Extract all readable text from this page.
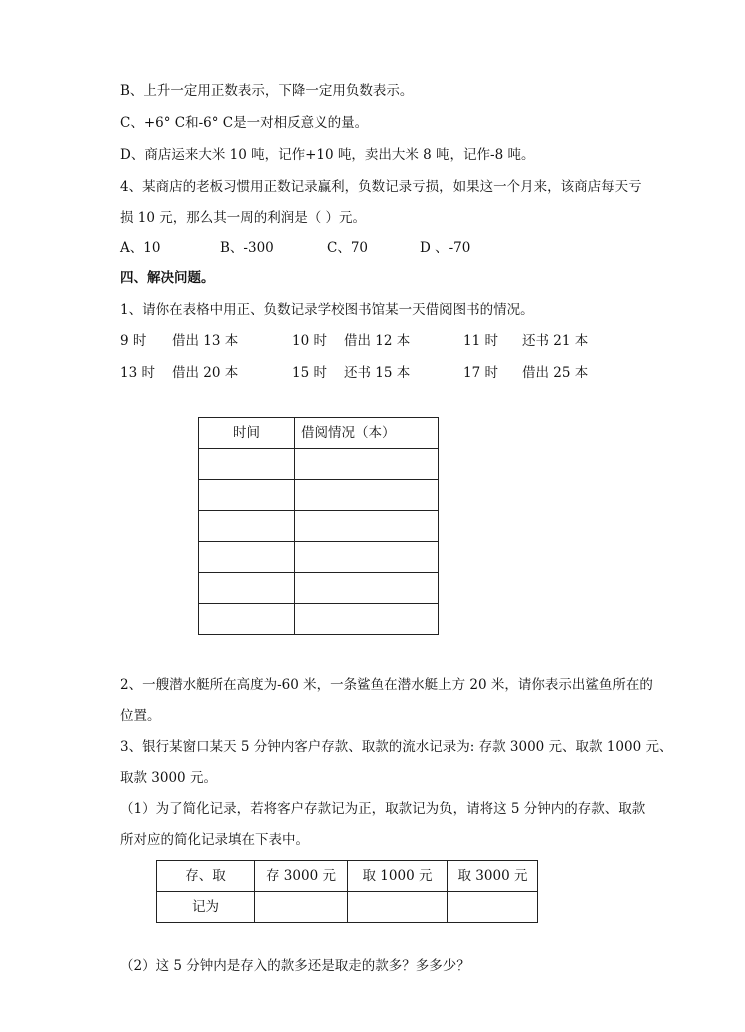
B、上升一定用正数表示，下降一定用负数表示。
C、+6° C和-6° C是一对相反意义的量。
D、商店运来大米 10 吨，记作+10 吨，卖出大米 8 吨，记作-8 吨。
4、某商店的老板习惯用正数记录赢利，负数记录亏损，如果这一个月来，该商店每天亏
损 10 元，那么其一周的利润是（ ）元。
A、10	B、-300	C、70	D 、-70
四、解决问题。
1、请你在表格中用正、负数记录学校图书馆某一天借阅图书的情况。
9 时 借出 13 本	10 时 借出 12 本	11 时 还书 21 本
13 时 借出 20 本	15 时 还书 15 本	17 时 借出 25 本
时间	借阅情况（本）

2、一艘潜水艇所在高度为-60 米，一条鲨鱼在潜水艇上方 20 米，请你表示出鲨鱼所在的
位置。
3、银行某窗口某天 5 分钟内客户存款、取款的流水记录为: 存款 3000 元、取款 1000 元、
取款 3000 元。
（1）为了简化记录，若将客户存款记为正，取款记为负，请将这 5 分钟内的存款、取款
所对应的简化记录填在下表中。
存、取	存 3000 元	取 1000 元	取 3000 元
记为			
（2）这 5 分钟内是存入的款多还是取走的款多？多多少？
